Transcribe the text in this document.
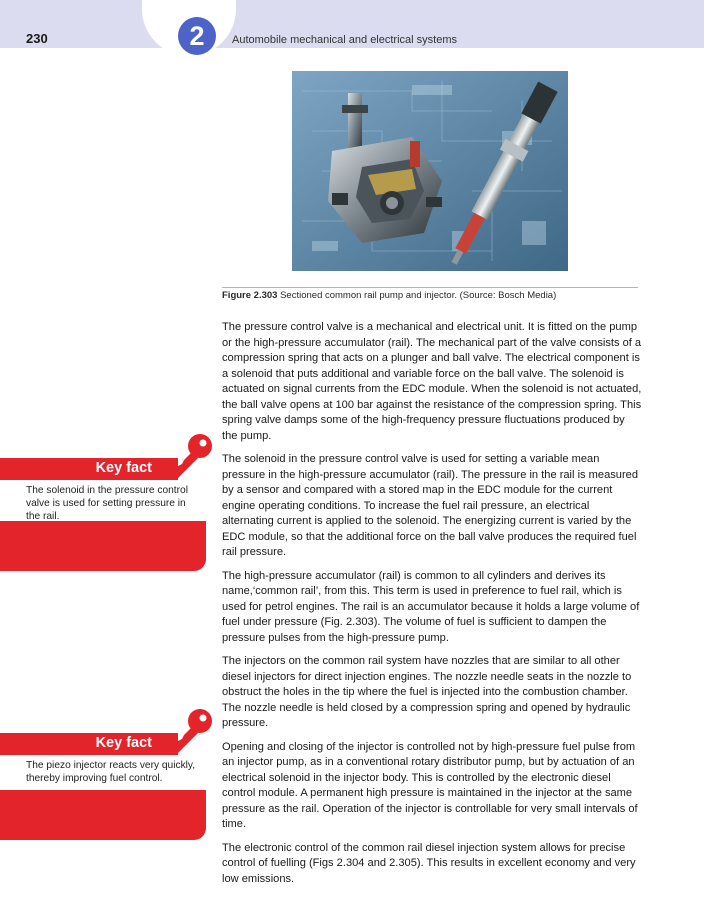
230	2 Automobile mechanical and electrical systems
Figure 2.303 Sectioned common rail pump and injector. (Source: Bosch Media)

The pressure control valve is a mechanical and electrical unit. It is fitted on the pump or the high-pressure accumulator (rail). The mechanical part of the valve consists of a compression spring that acts on a plunger and ball valve. The electrical component is a solenoid that puts additional and variable force on the ball valve. The solenoid is actuated on signal currents from the EDC module. When the solenoid is not actuated, the ball valve opens at 100 bar against the resistance of the compression spring. This spring valve damps some of the high-frequency pressure fluctuations produced by the pump.

The solenoid in the pressure control valve is used for setting a variable mean pressure in the high-pressure accumulator (rail). The pressure in the rail is measured by a sensor and compared with a stored map in the EDC module for the current engine operating conditions. To increase the fuel rail pressure, an electrical alternating current is applied to the solenoid. The energizing current is varied by the EDC module, so that the additional force on the ball valve produces the required fuel rail pressure.

The high-pressure accumulator (rail) is common to all cylinders and derives its name,‘common rail’, from this. This term is used in preference to fuel rail, which is used for petrol engines. The rail is an accumulator because it holds a large volume of fuel under pressure (Fig. 2.303). The volume of fuel is sufficient to dampen the pressure pulses from the high-pressure pump.

The injectors on the common rail system have nozzles that are similar to all other diesel injectors for direct injection engines. The nozzle needle seats in the nozzle to obstruct the holes in the tip where the fuel is injected into the combustion chamber. The nozzle needle is held closed by a compression spring and opened by hydraulic pressure.

Opening and closing of the injector is controlled not by high-pressure fuel pulse from an injector pump, as in a conventional rotary distributor pump, but by actuation of an electrical solenoid in the injector body. This is controlled by the electronic diesel control module. A permanent high pressure is maintained in the injector at the same pressure as the rail. Operation of the injector is controllable for very small intervals of time.

The electronic control of the common rail diesel injection system allows for precise control of fuelling (Figs 2.304 and 2.305). This results in excellent economy and very low emissions.

Key fact
The solenoid in the pressure control valve is used for setting pressure in the rail.
Key fact
The piezo injector reacts very quickly, thereby improving fuel control.
